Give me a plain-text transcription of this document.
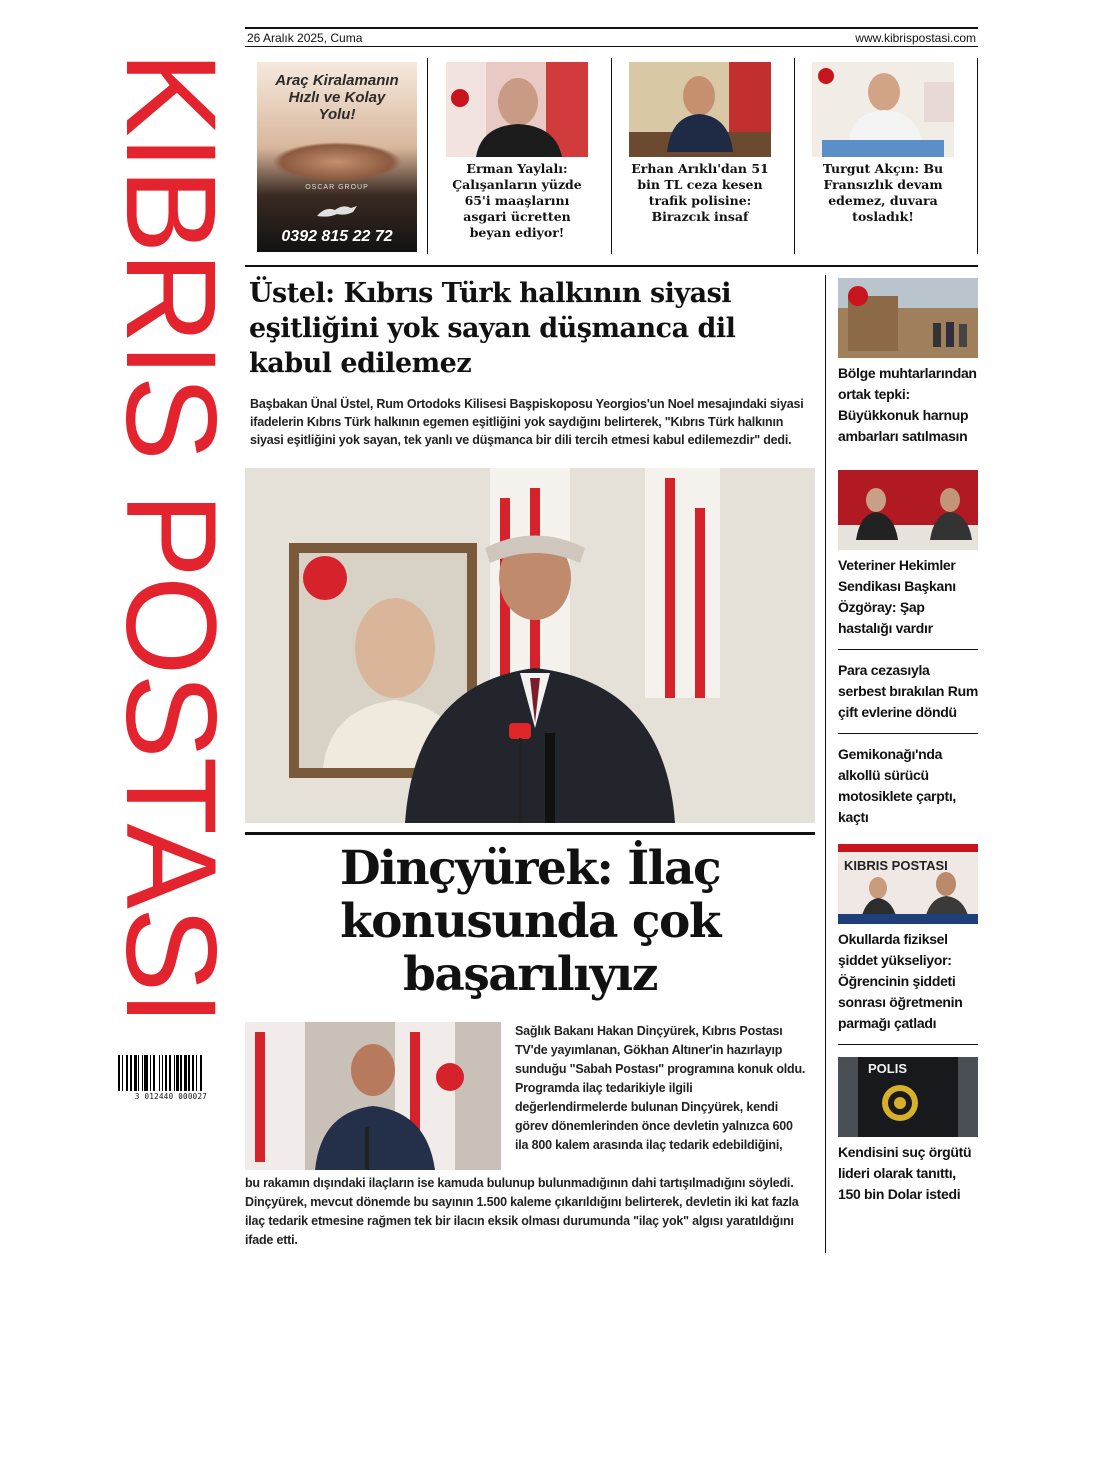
KIBRIS POSTASI
3 012440 000027
26 Aralık 2025, Cuma	www.kibrispostasi.com
Araç Kiralamanın
Hızlı ve Kolay
Yolu!
OSCAR GROUP
0392 815 22 72
Erman Yaylalı: Çalışanların yüzde 65'i maaşlarını asgari ücretten beyan ediyor!
Erhan Arıklı'dan 51 bin TL ceza kesen trafik polisine: Birazcık insaf
Turgut Akçın: Bu Fransızlık devam edemez, duvara tosladık!
Üstel: Kıbrıs Türk halkının siyasi eşitliğini yok sayan düşmanca dil kabul edilemez
Başbakan Ünal Üstel, Rum Ortodoks Kilisesi Başpiskoposu Yeorgios'un Noel mesajındaki siyasi ifadelerin Kıbrıs Türk halkının egemen eşitliğini yok saydığını belirterek, "Kıbrıs Türk halkının siyasi eşitliğini yok sayan, tek yanlı ve düşmanca bir dili tercih etmesi kabul edilemezdir" dedi.
Dinçyürek: İlaç konusunda çok başarılıyız
Sağlık Bakanı Hakan Dinçyürek, Kıbrıs Postası TV'de yayımlanan, Gökhan Altıner'in hazırlayıp sunduğu "Sabah Postası" programına konuk oldu. Programda ilaç tedarikiyle ilgili değerlendirmelerde bulunan Dinçyürek, kendi görev dönemlerinden önce devletin yalnızca 600 ila 800 kalem arasında ilaç tedarik edebildiğini,
bu rakamın dışındaki ilaçların ise kamuda bulunup bulunmadığının dahi tartışılmadığını söyledi. Dinçyürek, mevcut dönemde bu sayının 1.500 kaleme çıkarıldığını belirterek, devletin iki kat fazla ilaç tedarik etmesine rağmen tek bir ilacın eksik olması durumunda "ilaç yok" algısı yaratıldığını ifade etti.
Bölge muhtarlarından ortak tepki: Büyükkonuk harnup ambarları satılmasın
Veteriner Hekimler Sendikası Başkanı Özgöray: Şap hastalığı vardır
Para cezasıyla serbest bırakılan Rum çift evlerine döndü
Gemikonağı'nda alkollü sürücü motosiklete çarptı, kaçtı
KIBRIS POSTASI
Okullarda fiziksel şiddet yükseliyor: Öğrencinin şiddeti sonrası öğretmenin parmağı çatladı
POLIS
Kendisini suç örgütü lideri olarak tanıttı, 150 bin Dolar istedi
